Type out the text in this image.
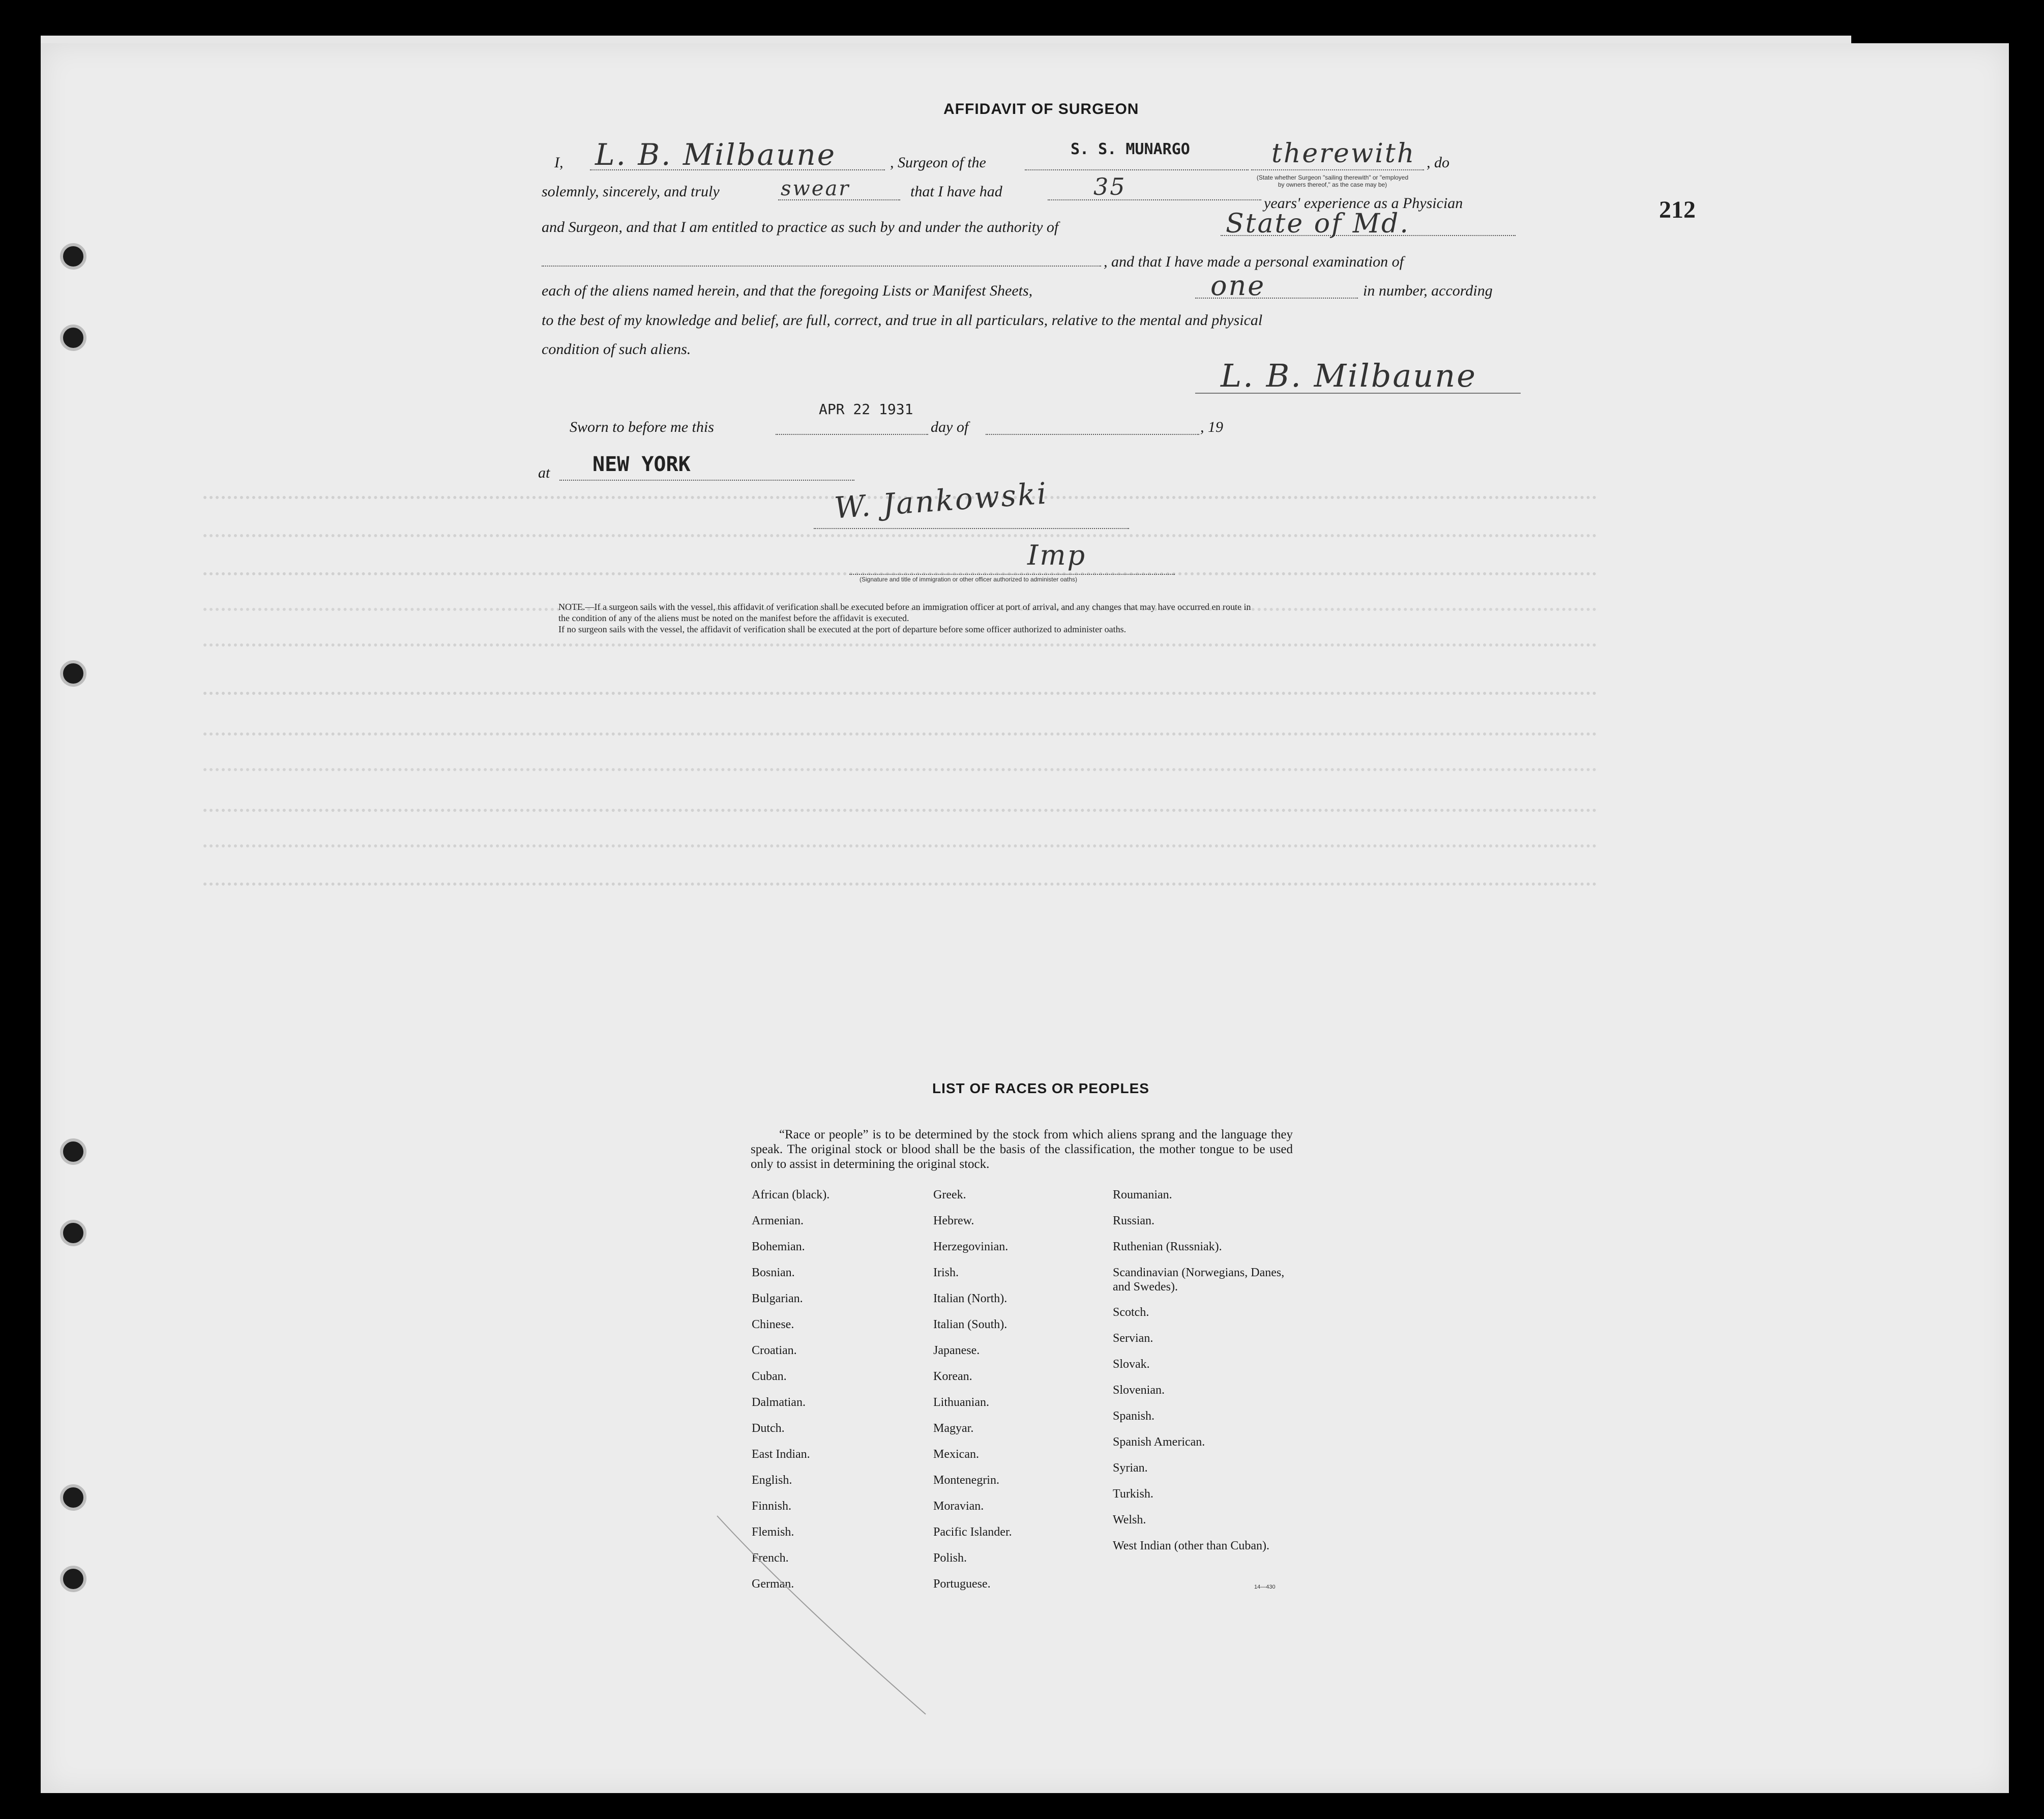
212
AFFIDAVIT OF SURGEON
I, L. B. Milbaune	, Surgeon of the
S. S. MUNARGO	therewith , do
(State whether Surgeon "sailing therewith" or "employed by owners thereof," as the case may be)
solemnly, sincerely, and truly	swear	that I have had	35
years' experience as a Physician
and Surgeon, and that I am entitled to practice as such by and under the authority of	State of Md.
, and that I have made a personal examination of
each of the aliens named herein, and that the foregoing Lists or Manifest Sheets,	one	in number, according
to the best of my knowledge and belief, are full, correct, and true in all particulars, relative to the mental and physical
condition of such aliens.
L. B. Milbaune
Sworn to before me this
APR 22 1931
day of	, 19
at NEW YORK
W. Jankowski
Imp
(Signature and title of immigration or other officer authorized to administer oaths)
NOTE.—If a surgeon sails with the vessel, this affidavit of verification shall be executed before an immigration officer at port of arrival, and any changes that may have occurred en route in
the condition of any of the aliens must be noted on the manifest before the affidavit is executed.
If no surgeon sails with the vessel, the affidavit of verification shall be executed at the port of departure before some officer authorized to administer oaths.
LIST OF RACES OR PEOPLES
“Race or people” is to be determined by the stock from which aliens sprang and the language they speak. The original stock or blood shall be the basis of the classification, the mother tongue to be used only to assist in determining the original stock.
African (black).
Armenian.
Bohemian.
Bosnian.
Bulgarian.
Chinese.
Croatian.
Cuban.
Dalmatian.
Dutch.
East Indian.
English.
Finnish.
Flemish.
French.
German.
Greek.
Hebrew.
Herzegovinian.
Irish.
Italian (North).
Italian (South).
Japanese.
Korean.
Lithuanian.
Magyar.
Mexican.
Montenegrin.
Moravian.
Pacific Islander.
Polish.
Portuguese.
Roumanian.
Russian.
Ruthenian (Russniak).
Scandinavian (Norwegians, Danes, and Swedes).
Scotch.
Servian.
Slovak.
Slovenian.
Spanish.
Spanish American.
Syrian.
Turkish.
Welsh.
West Indian (other than Cuban).
14—430
